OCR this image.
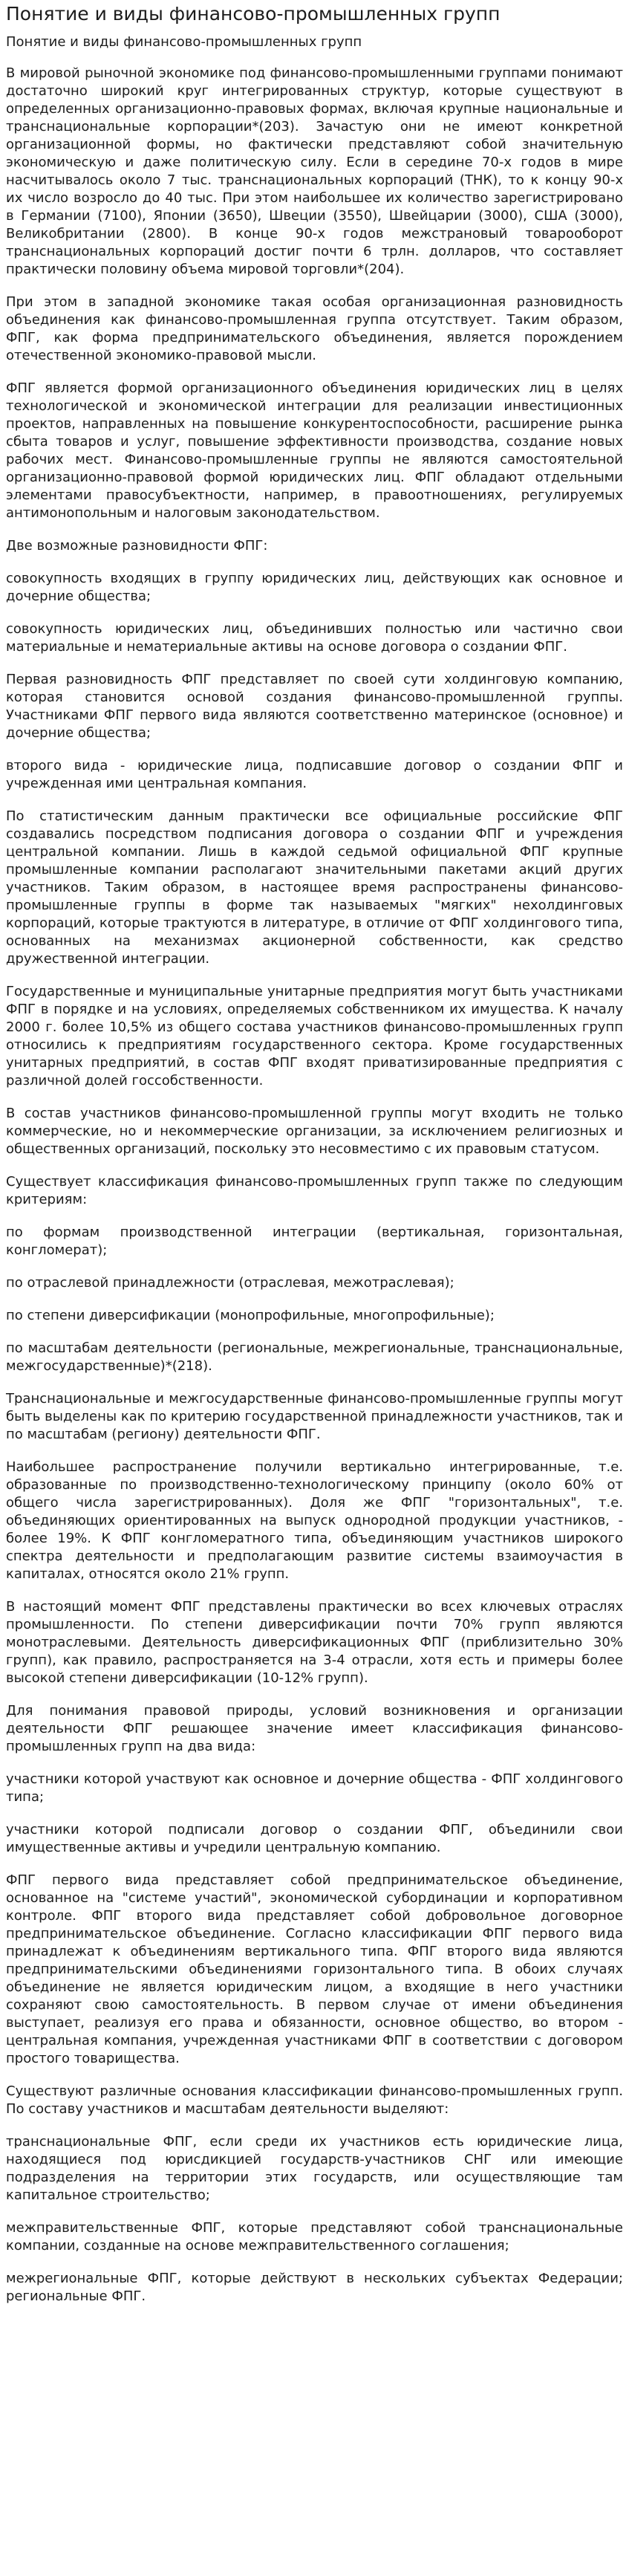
Понятие и виды финансово-промышленных групп
Понятие и виды финансово-промышленных групп

В мировой рыночной экономике под финансово-промышленными группами понимают достаточно широкий круг интегрированных структур, которые существуют в определенных организационно-правовых формах, включая крупные национальные и транснациональные корпорации*(203). Зачастую они не имеют конкретной организационной формы, но фактически представляют собой значительную экономическую и даже политическую силу. Если в середине 70-х годов в мире насчитывалось около 7 тыс. транснациональных корпораций (ТНК), то к концу 90-х их число возросло до 40 тыс. При этом наибольшее их количество зарегистрировано в Германии (7100), Японии (3650), Швеции (3550), Швейцарии (3000), США (3000), Великобритании (2800). В конце 90-х годов межстрановый товарооборот транснациональных корпораций достиг почти 6 трлн. долларов, что составляет практически половину объема мировой торговли*(204).

При этом в западной экономике такая особая организационная разновидность объединения как финансово-промышленная группа отсутствует. Таким образом, ФПГ, как форма предпринимательского объединения, является порождением отечественной экономико-правовой мысли.

ФПГ является формой организационного объединения юридических лиц в целях технологической и экономической интеграции для реализации инвестиционных проектов, направленных на повышение конкурентоспособности, расширение рынка сбыта товаров и услуг, повышение эффективности производства, создание новых рабочих мест. Финансово-промышленные группы не являются самостоятельной организационно-правовой формой юридических лиц. ФПГ обладают отдельными элементами правосубъектности, например, в правоотношениях, регулируемых антимонопольным и налоговым законодательством.

Две возможные разновидности ФПГ:

совокупность входящих в группу юридических лиц, действующих как основное и дочерние общества;

совокупность юридических лиц, объединивших полностью или частично свои материальные и нематериальные активы на основе договора о создании ФПГ.

Первая разновидность ФПГ представляет по своей сути холдинговую компанию, которая становится основой создания финансово-промышленной группы. Участниками ФПГ первого вида являются соответственно материнское (основное) и дочерние общества;

второго вида - юридические лица, подписавшие договор о создании ФПГ и учрежденная ими центральная компания.

По статистическим данным практически все официальные российские ФПГ создавались посредством подписания договора о создании ФПГ и учреждения центральной компании. Лишь в каждой седьмой официальной ФПГ крупные промышленные компании располагают значительными пакетами акций других участников. Таким образом, в настоящее время распространены финансово-промышленные группы в форме так называемых "мягких" нехолдинговых корпораций, которые трактуются в литературе, в отличие от ФПГ холдингового типа, основанных на механизмах акционерной собственности, как средство дружественной интеграции.

Государственные и муниципальные унитарные предприятия могут быть участниками ФПГ в порядке и на условиях, определяемых собственником их имущества. К началу 2000 г. более 10,5% из общего состава участников финансово-промышленных групп относились к предприятиям государственного сектора. Кроме государственных унитарных предприятий, в состав ФПГ входят приватизированные предприятия с различной долей госсобственности.

В состав участников финансово-промышленной группы могут входить не только коммерческие, но и некоммерческие организации, за исключением религиозных и общественных организаций, поскольку это несовместимо с их правовым статусом.

Существует классификация финансово-промышленных групп также по следующим критериям:

по формам производственной интеграции (вертикальная, горизонтальная, конгломерат);

по отраслевой принадлежности (отраслевая, межотраслевая);

по степени диверсификации (монопрофильные, многопрофильные);

по масштабам деятельности (региональные, межрегиональные, транснациональные, межгосударственные)*(218).

Транснациональные и межгосударственные финансово-промышленные группы могут быть выделены как по критерию государственной принадлежности участников, так и по масштабам (региону) деятельности ФПГ.

Наибольшее распространение получили вертикально интегрированные, т.е. образованные по производственно-технологическому принципу (около 60% от общего числа зарегистрированных). Доля же ФПГ "горизонтальных", т.е. объединяющих ориентированных на выпуск однородной продукции участников, - более 19%. К ФПГ конгломератного типа, объединяющим участников широкого спектра деятельности и предполагающим развитие системы взаимоучастия в капиталах, относятся около 21% групп.

В настоящий момент ФПГ представлены практически во всех ключевых отраслях промышленности. По степени диверсификации почти 70% групп являются монотраслевыми. Деятельность диверсификационных ФПГ (приблизительно 30% групп), как правило, распространяется на 3-4 отрасли, хотя есть и примеры более высокой степени диверсификации (10-12% групп).

Для понимания правовой природы, условий возникновения и организации деятельности ФПГ решающее значение имеет классификация финансово-промышленных групп на два вида:

участники которой участвуют как основное и дочерние общества - ФПГ холдингового типа;

участники которой подписали договор о создании ФПГ, объединили свои имущественные активы и учредили центральную компанию.

ФПГ первого вида представляет собой предпринимательское объединение, основанное на "системе участий", экономической субординации и корпоративном контроле. ФПГ второго вида представляет собой добровольное договорное предпринимательское объединение. Согласно классификации ФПГ первого вида принадлежат к объединениям вертикального типа. ФПГ второго вида являются предпринимательскими объединениями горизонтального типа. В обоих случаях объединение не является юридическим лицом, а входящие в него участники сохраняют свою самостоятельность. В первом случае от имени объединения выступает, реализуя его права и обязанности, основное общество, во втором - центральная компания, учрежденная участниками ФПГ в соответствии с договором простого товарищества.

Существуют различные основания классификации финансово-промышленных групп. По составу участников и масштабам деятельности выделяют:

транснациональные ФПГ, если среди их участников есть юридические лица, находящиеся под юрисдикцией государств-участников СНГ или имеющие подразделения на территории этих государств, или осуществляющие там капитальное строительство;

межправительственные ФПГ, которые представляют собой транснациональные компании, созданные на основе межправительственного соглашения;

межрегиональные ФПГ, которые действуют в нескольких субъектах Федерации; региональные ФПГ.
